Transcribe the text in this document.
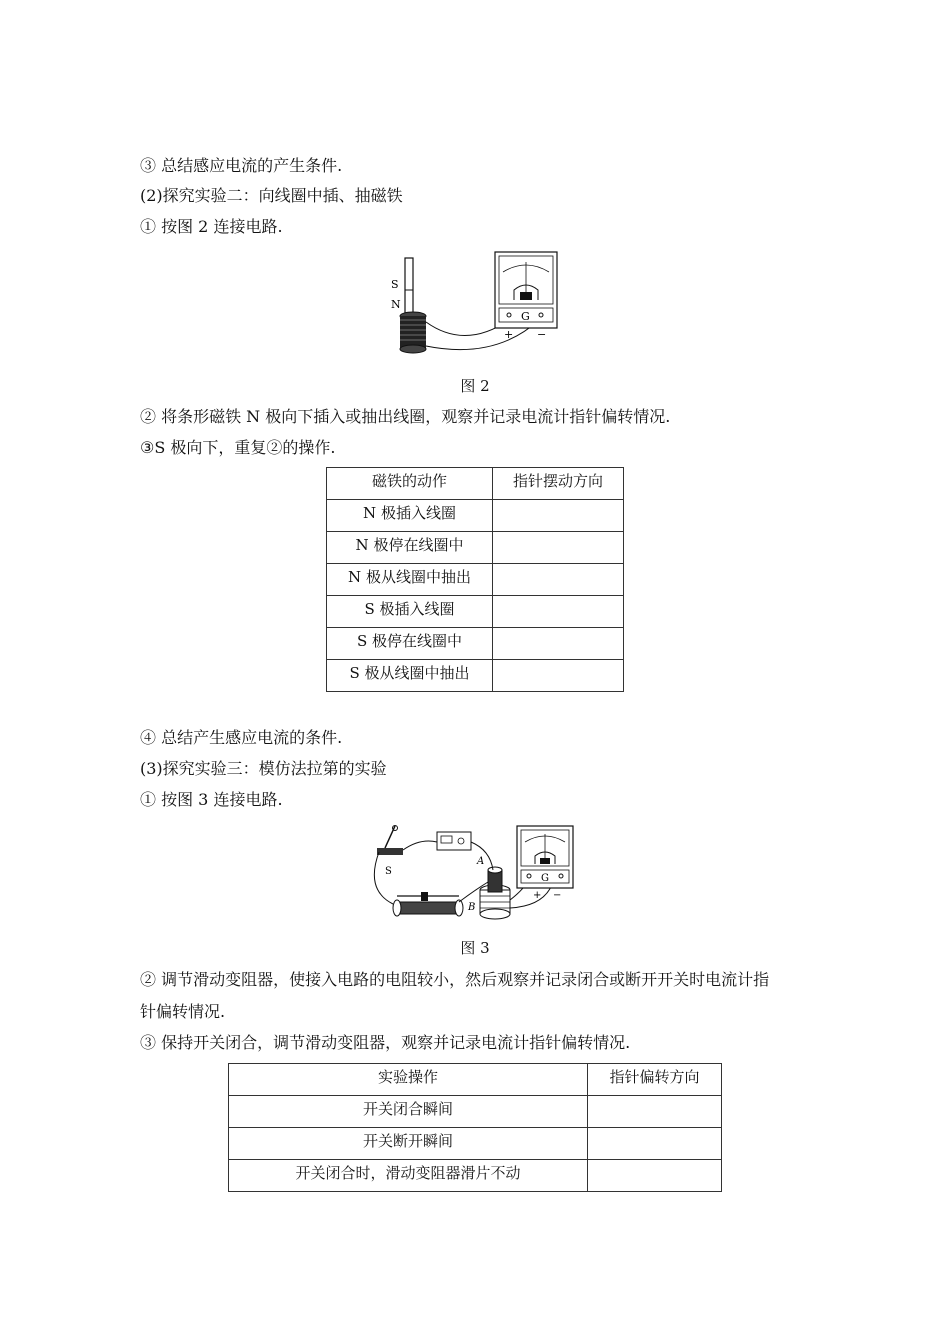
③ 总结感应电流的产生条件.
(2)探究实验二：向线圈中插、抽磁铁
① 按图 2 连接电路.
S
N
G
+ −
图 2
② 将条形磁铁 N 极向下插入或抽出线圈，观察并记录电流计指针偏转情况.
③S 极向下，重复②的操作.
磁铁的动作	指针摆动方向
N 极插入线圈	
N 极停在线圈中	
N 极从线圈中抽出	
S 极插入线圈	
S 极停在线圈中	
S 极从线圈中抽出	
④ 总结产生感应电流的条件.
(3)探究实验三：模仿法拉第的实验
① 按图 3 连接电路.
S
A
B
G
+ −
图 3
② 调节滑动变阻器，使接入电路的电阻较小，然后观察并记录闭合或断开开关时电流计指
针偏转情况.
③ 保持开关闭合，调节滑动变阻器，观察并记录电流计指针偏转情况.
实验操作	指针偏转方向
开关闭合瞬间	
开关断开瞬间	
开关闭合时，滑动变阻器滑片不动	
